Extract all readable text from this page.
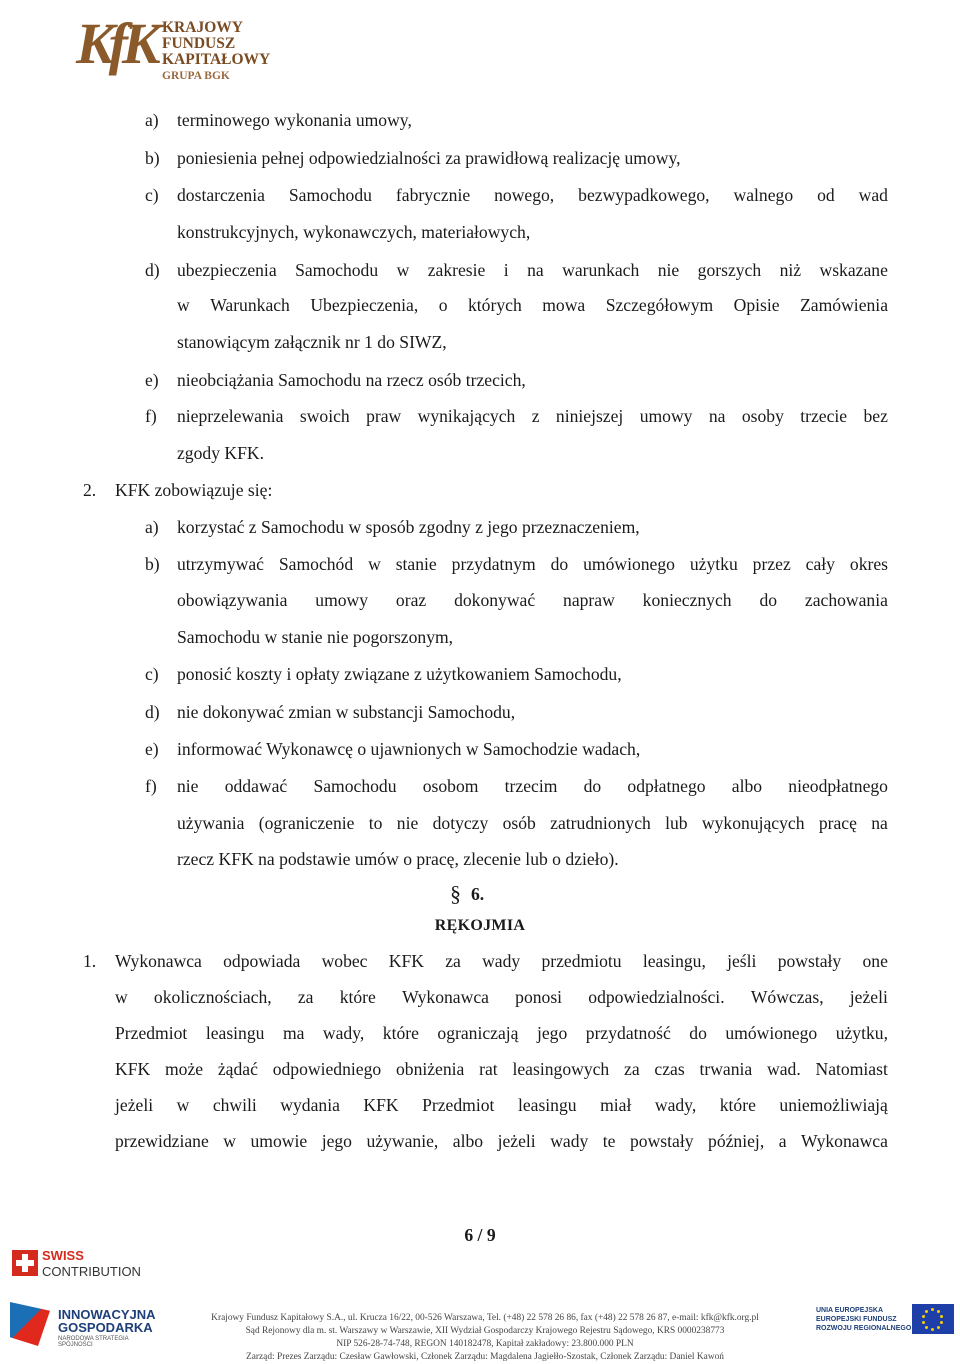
KfK KRAJOWY
FUNDUSZ
KAPITAŁOWY
GRUPA BGK
a) terminowego wykonania umowy,
b) poniesienia pełnej odpowiedzialności za prawidłową realizację umowy,
c) dostarczenia Samochodu fabrycznie nowego, bezwypadkowego, walnego od wad
konstrukcyjnych, wykonawczych, materiałowych,
d) ubezpieczenia Samochodu w zakresie i na warunkach nie gorszych niż wskazane
w Warunkach Ubezpieczenia, o których mowa Szczegółowym Opisie Zamówienia
stanowiącym załącznik nr 1 do SIWZ,
e) nieobciążania Samochodu na rzecz osób trzecich,
f) nieprzelewania swoich praw wynikających z niniejszej umowy na osoby trzecie bez
zgody KFK.
2. KFK zobowiązuje się:
a) korzystać z Samochodu w sposób zgodny z jego przeznaczeniem,
b) utrzymywać Samochód w stanie przydatnym do umówionego użytku przez cały okres
obowiązywania umowy oraz dokonywać napraw koniecznych do zachowania
Samochodu w stanie nie pogorszonym,
c) ponosić koszty i opłaty związane z użytkowaniem Samochodu,
d) nie dokonywać zmian w substancji Samochodu,
e) informować Wykonawcę o ujawnionych w Samochodzie wadach,
f) nie oddawać Samochodu osobom trzecim do odpłatnego albo nieodpłatnego
używania (ograniczenie to nie dotyczy osób zatrudnionych lub wykonujących pracę na
rzecz KFK na podstawie umów o pracę, zlecenie lub o dzieło).
§ 6.
RĘKOJMIA
1. Wykonawca odpowiada wobec KFK za wady przedmiotu leasingu, jeśli powstały one
w okolicznościach, za które Wykonawca ponosi odpowiedzialności. Wówczas, jeżeli
Przedmiot leasingu ma wady, które ograniczają jego przydatność do umówionego użytku,
KFK może żądać odpowiedniego obniżenia rat leasingowych za czas trwania wad. Natomiast
jeżeli w chwili wydania KFK Przedmiot leasingu miał wady, które uniemożliwiają
przewidziane w umowie jego używanie, albo jeżeli wady te powstały później, a Wykonawca
6 / 9
SWISS
CONTRIBUTION
INNOWACYJNA
GOSPODARKA
NARODOWA STRATEGIA SPÓJNOŚCI
Krajowy Fundusz Kapitałowy S.A., ul. Krucza 16/22, 00-526 Warszawa, Tel. (+48) 22 578 26 86, fax (+48) 22 578 26 87, e-mail: kfk@kfk.org.pl
Sąd Rejonowy dla m. st. Warszawy w Warszawie, XII Wydział Gospodarczy Krajowego Rejestru Sądowego, KRS 0000238773
NIP 526-28-74-748, REGON 140182478, Kapitał zakładowy: 23.800.000 PLN
Zarząd: Prezes Zarządu: Czesław Gawłowski, Członek Zarządu: Magdalena Jagiełło-Szostak, Członek Zarządu: Daniel Kawoń
UNIA EUROPEJSKA
EUROPEJSKI FUNDUSZ
ROZWOJU REGIONALNEGO
